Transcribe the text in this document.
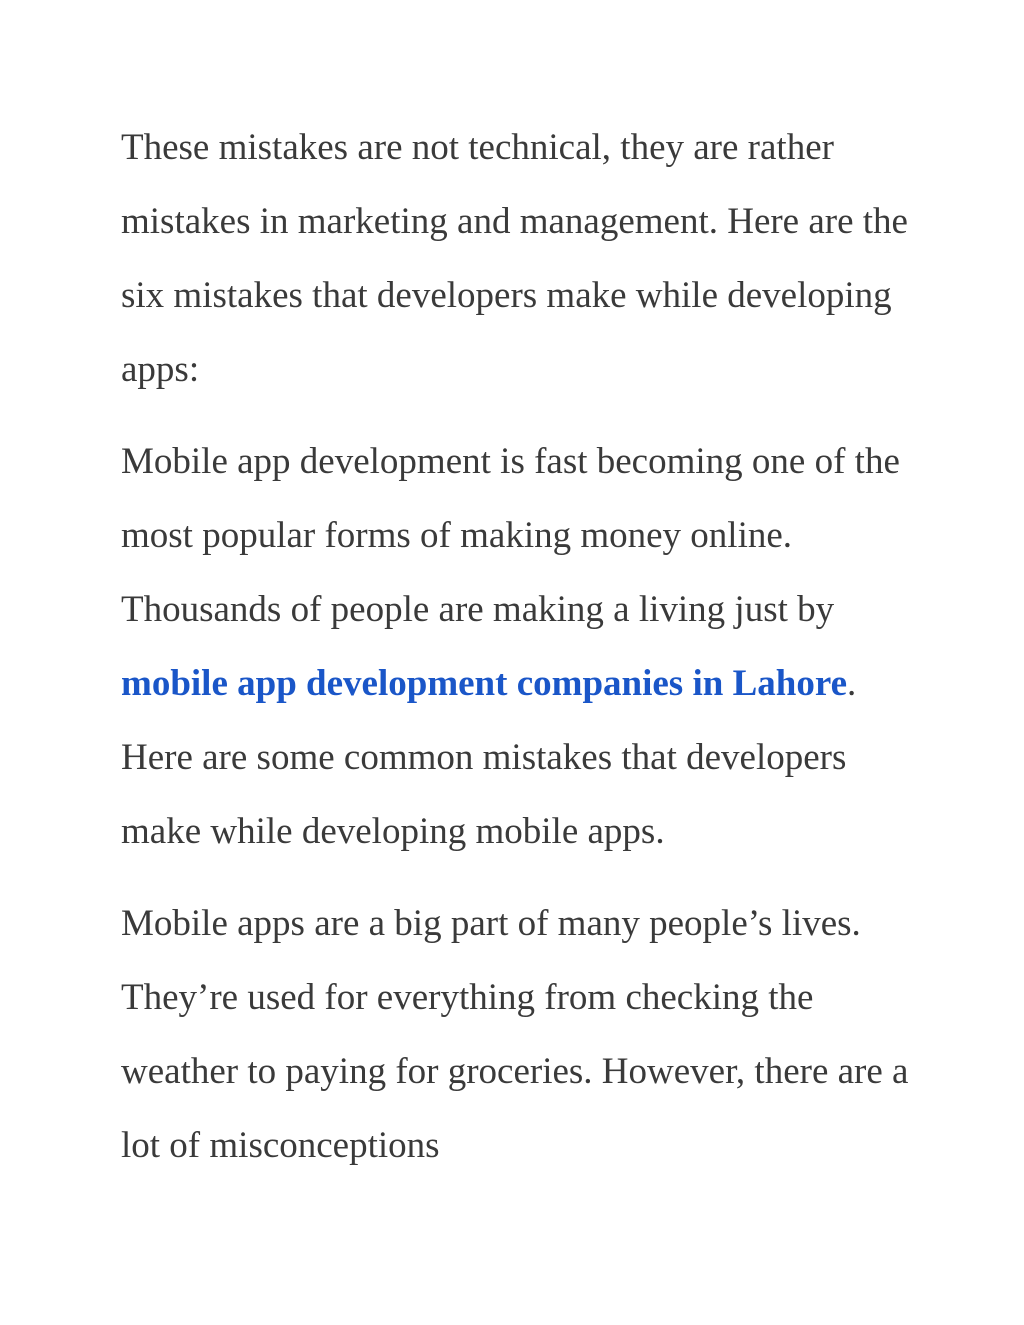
These mistakes are not technical, they are rather mistakes in marketing and management. Here are the six mistakes that developers make while developing apps:

Mobile app development is fast becoming one of the most popular forms of making money online. Thousands of people are making a living just by mobile app development companies in Lahore. Here are some common mistakes that developers make while developing mobile apps.

Mobile apps are a big part of many people’s lives. They’re used for everything from checking the weather to paying for groceries. However, there are a lot of misconceptions
